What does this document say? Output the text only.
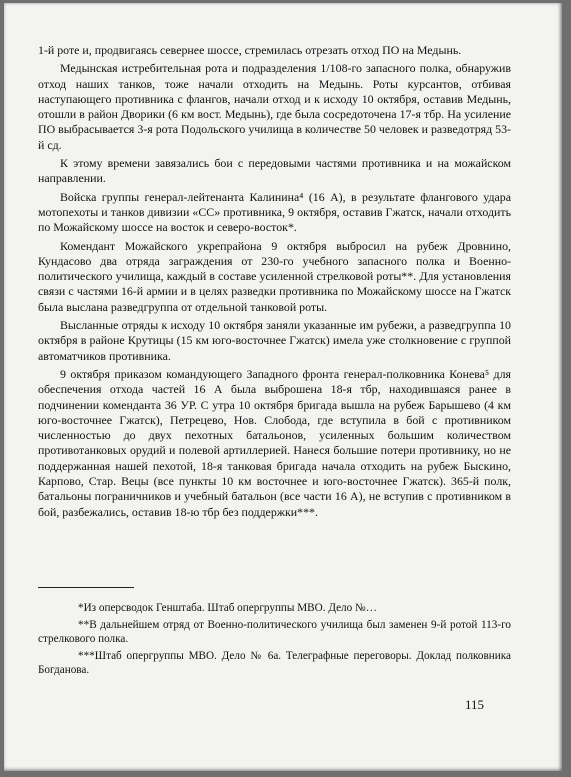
1-й роте и, продвигаясь севернее шоссе, стремилась отрезать отход ПО на Медынь.

Медынская истребительная рота и подразделения 1/108-го запасного полка, обнаружив отход наших танков, тоже начали отходить на Медынь. Роты курсантов, отбивая наступающего противника с флангов, начали отход и к исходу 10 октября, оставив Медынь, отошли в район Дворики (6 км вост. Медынь), где была сосредоточена 17-я тбр. На усиление ПО выбрасывается 3-я рота Подольского училища в количестве 50 человек и разведотряд 53-й сд.

К этому времени завязались бои с передовыми частями противника и на можайском направлении.

Войска группы генерал-лейтенанта Калинина⁴ (16 А), в результате флангового удара мотопехоты и танков дивизии «СС» противника, 9 октября, оставив Гжатск, начали отходить по Можайскому шоссе на восток и северо-восток*.

Комендант Можайского укрепрайона 9 октября выбросил на рубеж Дровнино, Кундасово два отряда заграждения от 230-го учебного запасного полка и Военно-политического училища, каждый в составе усиленной стрелковой роты**. Для установления связи с частями 16-й армии и в целях разведки противника по Можайскому шоссе на Гжатск была выслана разведгруппа от отдельной танковой роты.

Высланные отряды к исходу 10 октября заняли указанные им рубежи, а разведгруппа 10 октября в районе Крутицы (15 км юго-восточнее Гжатск) имела уже столкновение с группой автоматчиков противника.

9 октября приказом командующего Западного фронта генерал-полковника Конева⁵ для обеспечения отхода частей 16 А была выброшена 18-я тбр, находившаяся ранее в подчинении коменданта 36 УР. С утра 10 октября бригада вышла на рубеж Барышево (4 км юго-восточнее Гжатск), Петрецево, Нов. Слобода, где вступила в бой с противником численностью до двух пехотных батальонов, усиленных большим количеством противотанковых орудий и полевой артиллерией. Нанеся большие потери противнику, но не поддержанная нашей пехотой, 18-я танковая бригада начала отходить на рубеж Быскино, Карпово, Стар. Вецы (все пункты 10 км восточнее и юго-восточнее Гжатск). 365-й полк, батальоны пограничников и учебный батальон (все части 16 А), не вступив с противником в бой, разбежались, оставив 18-ю тбр без поддержки***.

*Из оперсводок Генштаба. Штаб опергруппы МВО. Дело №…

**В дальнейшем отряд от Военно-политического училища был заменен 9-й ротой 113-го стрелкового полка.

***Штаб опергруппы МВО. Дело № 6а. Телеграфные переговоры. Доклад полковника Богданова.

115
